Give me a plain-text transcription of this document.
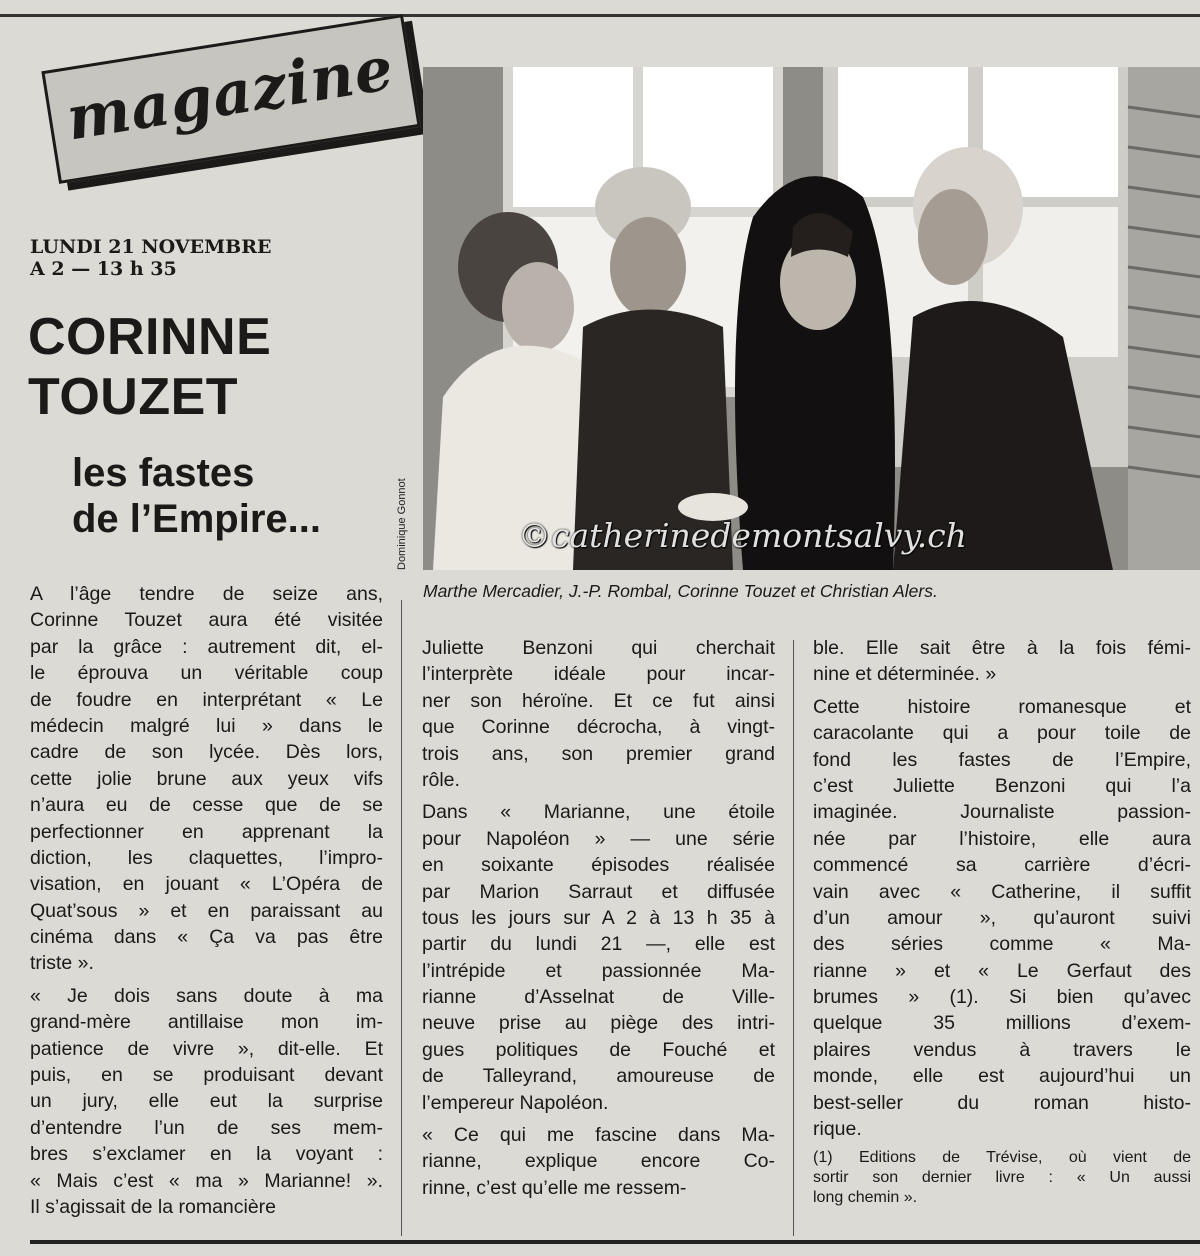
magazine
LUNDI 21 NOVEMBRE
A 2 — 13 h 35
CORINNE
TOUZET
les fastes
de l’Empire...	Dominique Gonnot	©catherinedemontsalvy.ch
Marthe Mercadier, J.-P. Rombal, Corinne Touzet et Christian Alers.
A l’âge tendre de seize ans,
Corinne Touzet aura été visitée
par la grâce : autrement dit, el-
le éprouva un véritable coup
de foudre en interprétant « Le
médecin malgré lui » dans le
cadre de son lycée. Dès lors,
cette jolie brune aux yeux vifs
n’aura eu de cesse que de se
perfectionner en apprenant la
diction, les claquettes, l’impro-
visation, en jouant « L’Opéra de
Quat’sous » et en paraissant au
cinéma dans « Ça va pas être
triste ».
« Je dois sans doute à ma
grand-mère antillaise mon im-
patience de vivre », dit-elle. Et
puis, en se produisant devant
un jury, elle eut la surprise
d’entendre l’un de ses mem-
bres s’exclamer en la voyant :
« Mais c’est « ma » Marianne! ».
Il s’agissait de la romancière
Juliette Benzoni qui cherchait
l’interprète idéale pour incar-
ner son héroïne. Et ce fut ainsi
que Corinne décrocha, à vingt-
trois ans, son premier grand
rôle.
Dans « Marianne, une étoile
pour Napoléon » — une série
en soixante épisodes réalisée
par Marion Sarraut et diffusée
tous les jours sur A 2 à 13 h 35 à
partir du lundi 21 —, elle est
l’intrépide et passionnée Ma-
rianne d’Asselnat de Ville-
neuve prise au piège des intri-
gues politiques de Fouché et
de Talleyrand, amoureuse de
l’empereur Napoléon.
« Ce qui me fascine dans Ma-
rianne, explique encore Co-
rinne, c’est qu’elle me ressem-
ble. Elle sait être à la fois fémi-
nine et déterminée. »
Cette histoire romanesque et
caracolante qui a pour toile de
fond les fastes de l’Empire,
c’est Juliette Benzoni qui l’a
imaginée. Journaliste passion-
née par l’histoire, elle aura
commencé sa carrière d’écri-
vain avec « Catherine, il suffit
d’un amour », qu’auront suivi
des séries comme « Ma-
rianne » et « Le Gerfaut des
brumes » (1). Si bien qu’avec
quelque 35 millions d’exem-
plaires vendus à travers le
monde, elle est aujourd’hui un
best-seller du roman histo-
rique.
(1) Editions de Trévise, où vient de
sortir son dernier livre : « Un aussi
long chemin ».
